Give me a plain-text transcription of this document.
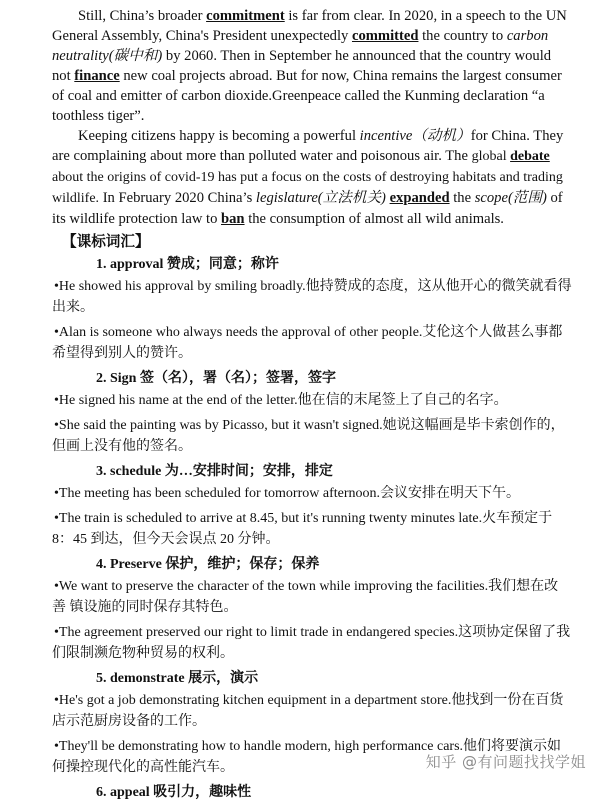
Still, China’s broader commitment is far from clear. In 2020, in a speech to the UN General Assembly, China's President unexpectedly committed the country to carbon neutrality(碳中和) by 2060. Then in September he announced that the country would not finance new coal projects abroad. But for now, China remains the largest consumer of coal and emitter of carbon dioxide.Greenpeace called the Kunming declaration “a toothless tiger”.

Keeping citizens happy is becoming a powerful incentive（动机）for China. They are complaining about more than polluted water and poisonous air. The global debate about the origins of covid-19 has put a focus on the costs of destroying habitats and trading wildlife. In February 2020 China’s legislature(立法机关) expanded the scope(范围) of its wildlife protection law to ban the consumption of almost all wild animals.

【课标词汇】

1. approval 赞成；同意；称许

•He showed his approval by smiling broadly.他持赞成的态度，这从他开心的微笑就看得出来。

•Alan is someone who always needs the approval of other people.艾伦这个人做甚么事都希望得到别人的赞许。

2. Sign 签（名），署（名）；签署，签字

•He signed his name at the end of the letter.他在信的末尾签上了自己的名字。

•She said the painting was by Picasso, but it wasn't signed.她说这幅画是毕卡索创作的，但画上没有他的签名。

3. schedule 为…安排时间；安排，排定

•The meeting has been scheduled for tomorrow afternoon.会议安排在明天下午。

•The train is scheduled to arrive at 8.45, but it's running twenty minutes late.火车预定于 8：45 到达，但今天会误点 20 分钟。

4. Preserve 保护，维护；保存；保养

•We want to preserve the character of the town while improving the facilities.我们想在改善 镇设施的同时保存其特色。

•The agreement preserved our right to limit trade in endangered species.这项协定保留了我们限制濒危物种贸易的权利。

5. demonstrate 展示，演示

•He's got a job demonstrating kitchen equipment in a department store.他找到一份在百货店示范厨房设备的工作。

•They'll be demonstrating how to handle modern, high performance cars.他们将要演示如何操控现代化的高性能汽车。

6. appeal 吸引力，趣味性

知乎 @有问题找找学姐
